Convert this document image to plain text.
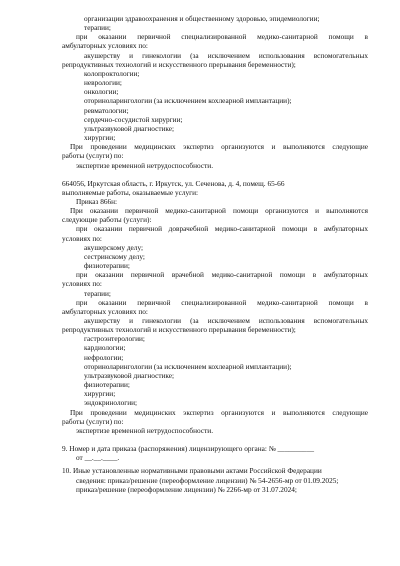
организации здравоохранения и общественному здоровью, эпидемиологии;
терапии;
при оказании первичной специализированной медико-санитарной помощи в
амбулаторных условиях по:
акушерству и гинекологии (за исключением использования вспомогательных
репродуктивных технологий и искусственного прерывания беременности);
колопроктологии;
неврологии;
онкологии;
оториноларингологии (за исключением кохлеарной имплантации);
ревматологии;
сердечно-сосудистой хирургии;
ультразвуковой диагностике;
хирургии;
При проведении медицинских экспертиз организуются и выполняются следующие
работы (услуги) по:
экспертизе временной нетрудоспособности.
664056, Иркутская область, г. Иркутск, ул. Сеченова, д. 4, помещ. 65-66
выполняемые работы, оказываемые услуги:
Приказ 866н:
При оказании первичной медико-санитарной помощи организуются и выполняются
следующие работы (услуги):
при оказании первичной доврачебной медико-санитарной помощи в амбулаторных
условиях по:
акушерскому делу;
сестринскому делу;
физиотерапии;
при оказании первичной врачебной медико-санитарной помощи в амбулаторных
условиях по:
терапии;
при оказании первичной специализированной медико-санитарной помощи в
амбулаторных условиях по:
акушерству и гинекологии (за исключением использования вспомогательных
репродуктивных технологий и искусственного прерывания беременности);
гастроэнтерологии;
кардиологии;
нефрологии;
оториноларингологии (за исключением кохлеарной имплантации);
ультразвуковой диагностике;
физиотерапии;
хирургии;
эндокринологии;
При проведении медицинских экспертиз организуются и выполняются следующие
работы (услуги) по:
экспертизе временной нетрудоспособности.
9. Номер и дата приказа (распоряжения) лицензирующего органа: № __________
от __.__.____.
10. Иные установленные нормативными правовыми актами Российской Федерации
сведения: приказ/решение (переоформление лицензии) № 54-2656-мр от 01.09.2025;
приказ/решение (переоформление лицензии) № 2266-мр от 31.07.2024;
